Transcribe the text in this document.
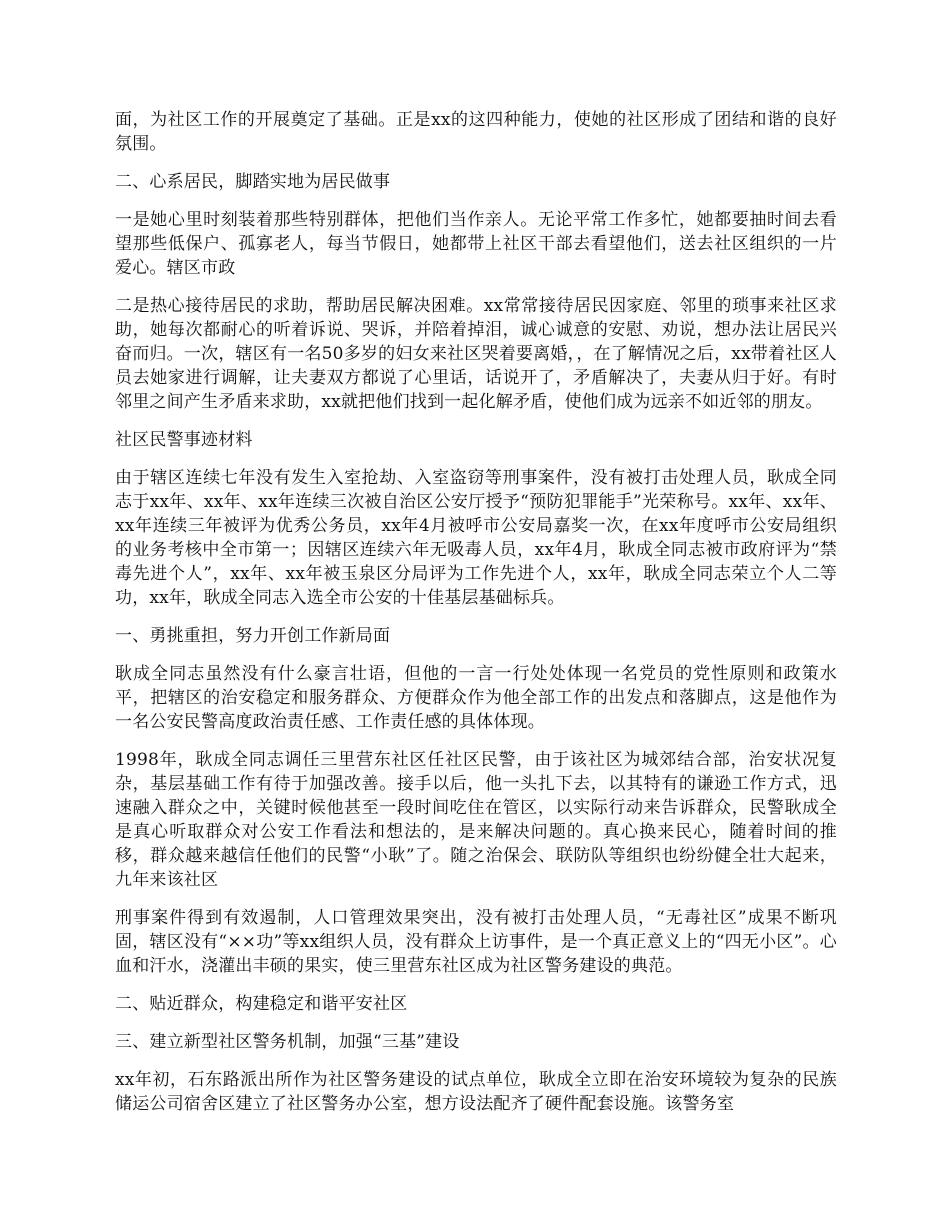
面，为社区工作的开展奠定了基础。正是xx的这四种能力，使她的社区形成了团结和谐的良好氛围。

二、心系居民，脚踏实地为居民做事

一是她心里时刻装着那些特别群体，把他们当作亲人。无论平常工作多忙，她都要抽时间去看望那些低保户、孤寡老人，每当节假日，她都带上社区干部去看望他们，送去社区组织的一片爱心。辖区市政

二是热心接待居民的求助，帮助居民解决困难。xx常常接待居民因家庭、邻里的琐事来社区求助，她每次都耐心的听着诉说、哭诉，并陪着掉泪，诚心诚意的安慰、劝说，想办法让居民兴奋而归。一次，辖区有一名50多岁的妇女来社区哭着要离婚，，在了解情况之后，xx带着社区人员去她家进行调解，让夫妻双方都说了心里话，话说开了，矛盾解决了，夫妻从归于好。有时邻里之间产生矛盾来求助，xx就把他们找到一起化解矛盾，使他们成为远亲不如近邻的朋友。

社区民警事迹材料

由于辖区连续七年没有发生入室抢劫、入室盗窃等刑事案件，没有被打击处理人员，耿成全同志于xx年、xx年、xx年连续三次被自治区公安厅授予“预防犯罪能手”光荣称号。xx年、xx年、xx年连续三年被评为优秀公务员，xx年4月被呼市公安局嘉奖一次，在xx年度呼市公安局组织的业务考核中全市第一；因辖区连续六年无吸毒人员，xx年4月，耿成全同志被市政府评为“禁毒先进个人”，xx年、xx年被玉泉区分局评为工作先进个人，xx年，耿成全同志荣立个人二等功，xx年，耿成全同志入选全市公安的十佳基层基础标兵。

一、勇挑重担，努力开创工作新局面

耿成全同志虽然没有什么豪言壮语，但他的一言一行处处体现一名党员的党性原则和政策水平，把辖区的治安稳定和服务群众、方便群众作为他全部工作的出发点和落脚点，这是他作为一名公安民警高度政治责任感、工作责任感的具体体现。

1998年，耿成全同志调任三里营东社区任社区民警，由于该社区为城郊结合部，治安状况复杂，基层基础工作有待于加强改善。接手以后，他一头扎下去，以其特有的谦逊工作方式，迅速融入群众之中，关键时候他甚至一段时间吃住在管区，以实际行动来告诉群众，民警耿成全是真心听取群众对公安工作看法和想法的，是来解决问题的。真心换来民心，随着时间的推移，群众越来越信任他们的民警“小耿”了。随之治保会、联防队等组织也纷纷健全壮大起来，九年来该社区

刑事案件得到有效遏制，人口管理效果突出，没有被打击处理人员，“无毒社区”成果不断巩固，辖区没有“××功”等xx组织人员，没有群众上访事件，是一个真正意义上的“四无小区”。心血和汗水，浇灌出丰硕的果实，使三里营东社区成为社区警务建设的典范。

二、贴近群众，构建稳定和谐平安社区

三、建立新型社区警务机制，加强“三基”建设

xx年初，石东路派出所作为社区警务建设的试点单位，耿成全立即在治安环境较为复杂的民族储运公司宿舍区建立了社区警务办公室，想方设法配齐了硬件配套设施。该警务室
